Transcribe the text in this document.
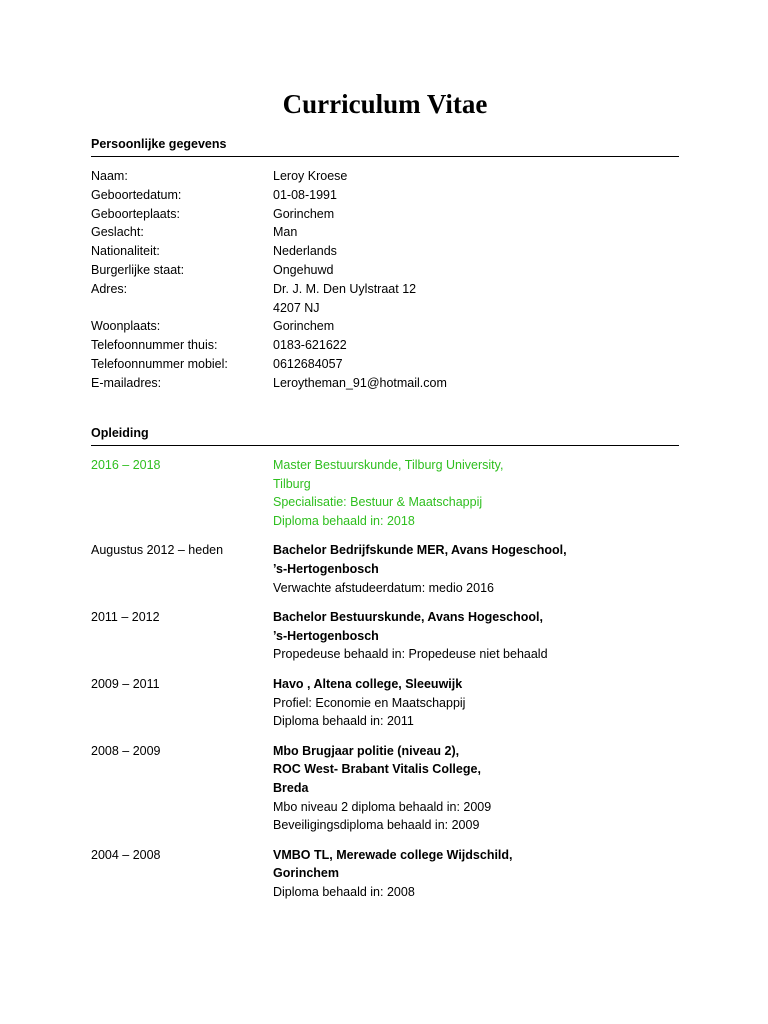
Curriculum Vitae
Persoonlijke gegevens
Naam:	Leroy Kroese
Geboortedatum:	01-08-1991
Geboorteplaats:	Gorinchem
Geslacht:	Man
Nationaliteit:	Nederlands
Burgerlijke staat:	Ongehuwd
Adres:	Dr. J. M. Den Uylstraat 12
4207 NJ
Woonplaats:	Gorinchem
Telefoonnummer thuis:	0183-621622
Telefoonnummer mobiel:	0612684057
E-mailadres:	Leroytheman_91@hotmail.com
Opleiding
2016 – 2018	Master Bestuurskunde, Tilburg University,
Tilburg
Specialisatie: Bestuur & Maatschappij
Diploma behaald in: 2018
Augustus 2012 – heden	Bachelor Bedrijfskunde MER, Avans Hogeschool,
’s-Hertogenbosch
Verwachte afstudeerdatum: medio 2016
2011 – 2012	Bachelor Bestuurskunde, Avans Hogeschool,
’s-Hertogenbosch
Propedeuse behaald in: Propedeuse niet behaald
2009 – 2011	Havo , Altena college, Sleeuwijk
Profiel: Economie en Maatschappij
Diploma behaald in: 2011
2008 – 2009	Mbo Brugjaar politie (niveau 2),
ROC West- Brabant Vitalis College,
Breda
Mbo niveau 2 diploma behaald in: 2009
Beveiligingsdiploma behaald in: 2009
2004 – 2008	VMBO TL, Merewade college Wijdschild,
Gorinchem
Diploma behaald in: 2008
